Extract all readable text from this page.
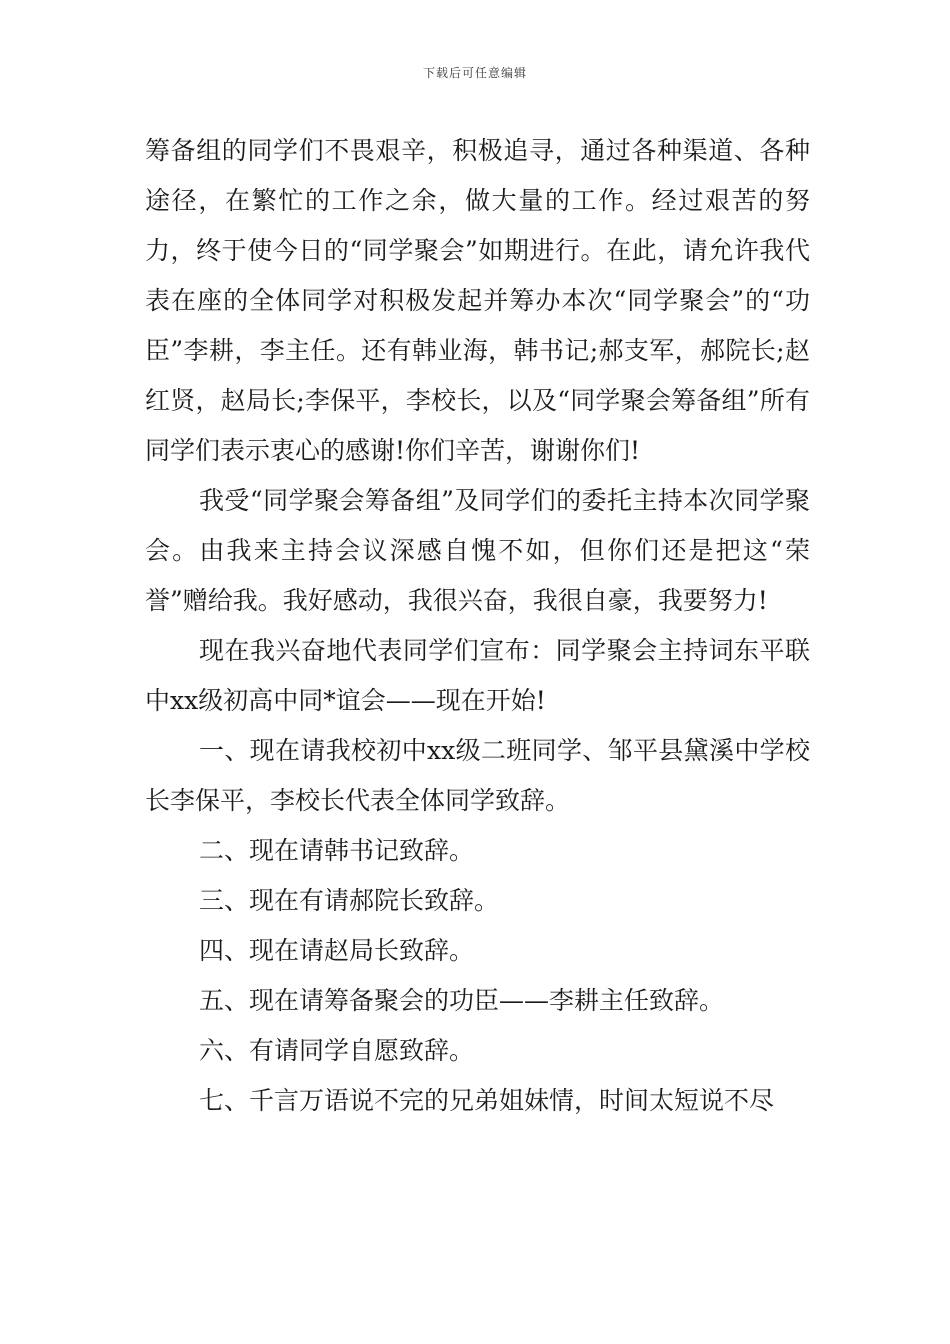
下载后可任意编辑

筹备组的同学们不畏艰辛，积极追寻，通过各种渠道、各种途径，在繁忙的工作之余，做大量的工作。经过艰苦的努力，终于使今日的“同学聚会”如期进行。在此，请允许我代表在座的全体同学对积极发起并筹办本次“同学聚会”的“功臣”李耕，李主任。还有韩业海，韩书记;郝支军，郝院长;赵红贤，赵局长;李保平，李校长，以及“同学聚会筹备组”所有同学们表示衷心的感谢!你们辛苦，谢谢你们!

我受“同学聚会筹备组”及同学们的委托主持本次同学聚会。由我来主持会议深感自愧不如，但你们还是把这“荣誉”赠给我。我好感动，我很兴奋，我很自豪，我要努力!

现在我兴奋地代表同学们宣布：同学聚会主持词东平联中xx级初高中同*谊会——现在开始!

一、现在请我校初中xx级二班同学、邹平县黛溪中学校长李保平，李校长代表全体同学致辞。

二、现在请韩书记致辞。

三、现在有请郝院长致辞。

四、现在请赵局长致辞。

五、现在请筹备聚会的功臣——李耕主任致辞。

六、有请同学自愿致辞。

七、千言万语说不完的兄弟姐妹情，时间太短说不尽
